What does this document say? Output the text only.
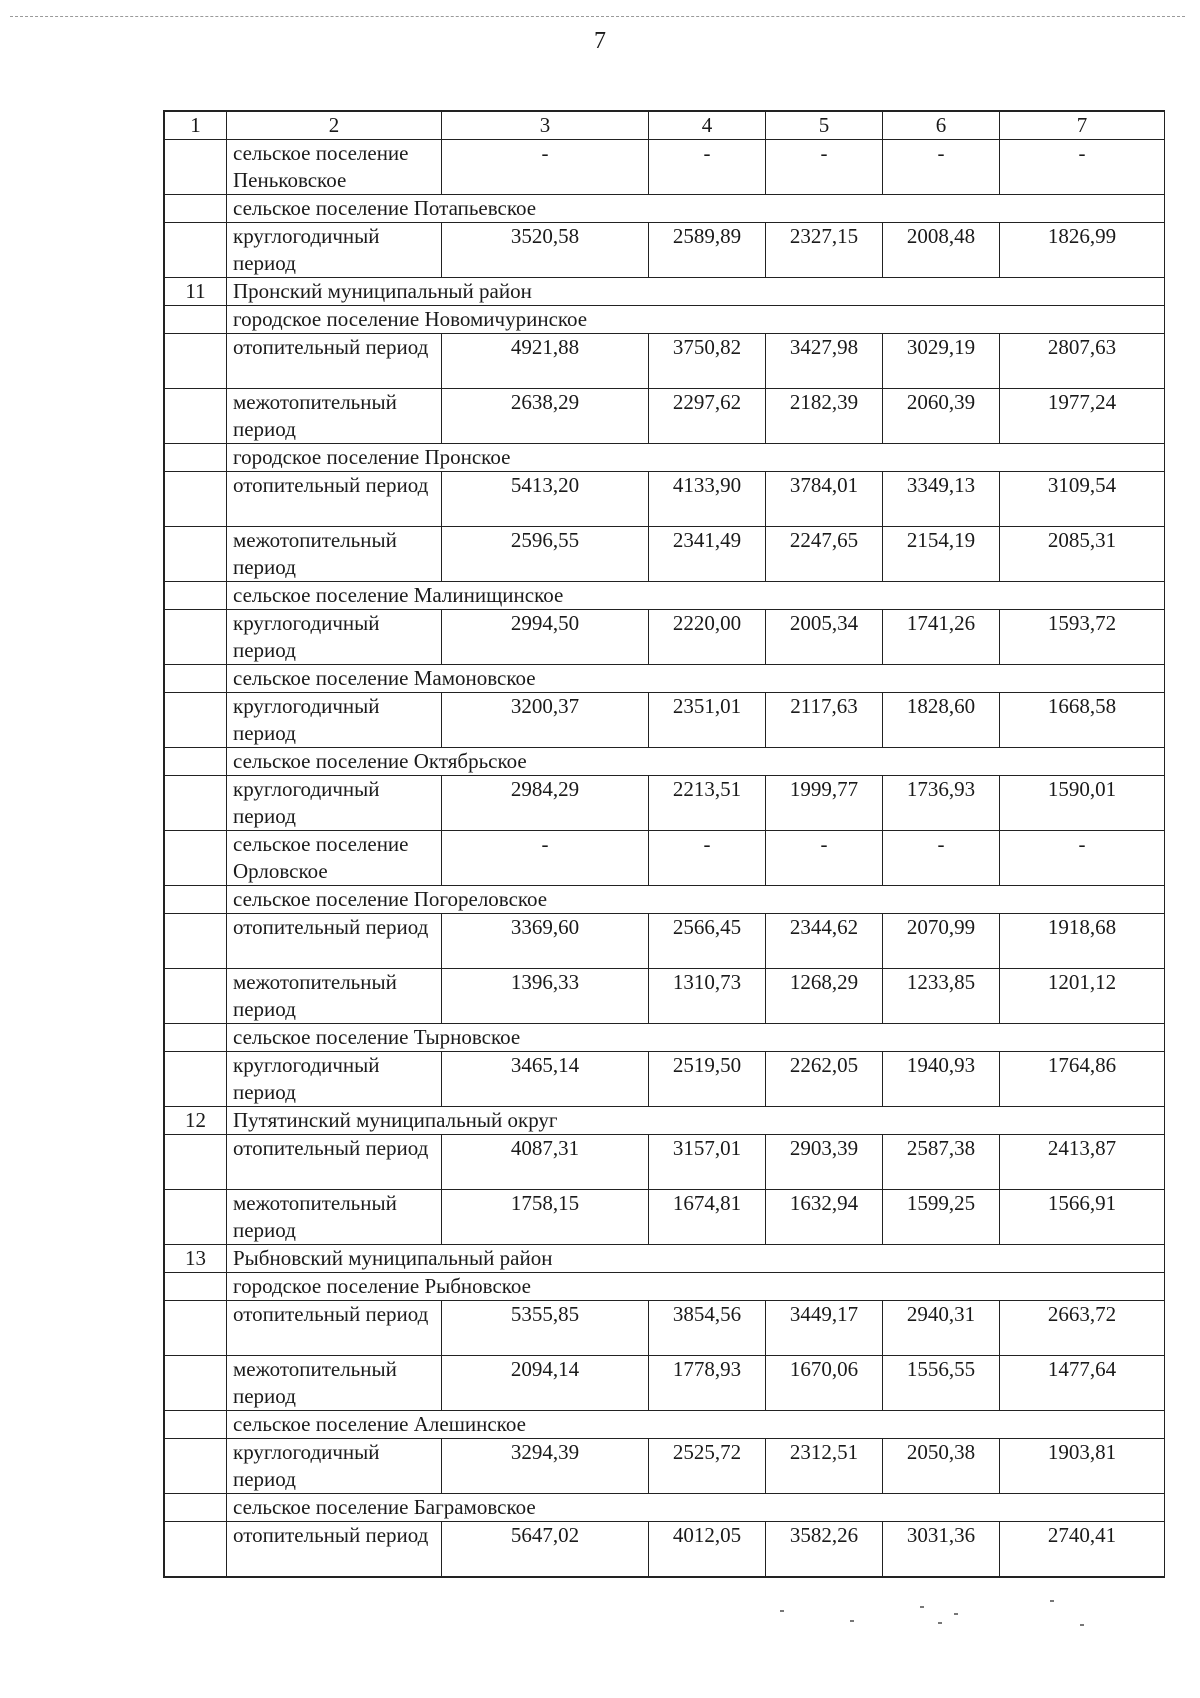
7
1	2	3	4	5	6	7
	сельское поселение Пеньковское	-	-	-	-	-
	сельское поселение Потапьевское					
	круглогодичный период	3520,58	2589,89	2327,15	2008,48	1826,99
11	Пронский муниципальный район					
	городское поселение Новомичуринское					
	отопительный период	4921,88	3750,82	3427,98	3029,19	2807,63
	межотопительный период	2638,29	2297,62	2182,39	2060,39	1977,24
	городское поселение Пронское					
	отопительный период	5413,20	4133,90	3784,01	3349,13	3109,54
	межотопительный период	2596,55	2341,49	2247,65	2154,19	2085,31
	сельское поселение Малинищинское					
	круглогодичный период	2994,50	2220,00	2005,34	1741,26	1593,72
	сельское поселение Мамоновское					
	круглогодичный период	3200,37	2351,01	2117,63	1828,60	1668,58
	сельское поселение Октябрьское					
	круглогодичный период	2984,29	2213,51	1999,77	1736,93	1590,01
	сельское поселение Орловское	-	-	-	-	-
	сельское поселение Погореловское					
	отопительный период	3369,60	2566,45	2344,62	2070,99	1918,68
	межотопительный период	1396,33	1310,73	1268,29	1233,85	1201,12
	сельское поселение Тырновское					
	круглогодичный период	3465,14	2519,50	2262,05	1940,93	1764,86
12	Путятинский муниципальный округ					
	отопительный период	4087,31	3157,01	2903,39	2587,38	2413,87
	межотопительный период	1758,15	1674,81	1632,94	1599,25	1566,91
13	Рыбновский муниципальный район					
	городское поселение Рыбновское					
	отопительный период	5355,85	3854,56	3449,17	2940,31	2663,72
	межотопительный период	2094,14	1778,93	1670,06	1556,55	1477,64
	сельское поселение Алешинское					
	круглогодичный период	3294,39	2525,72	2312,51	2050,38	1903,81
	сельское поселение Баграмовское					
	отопительный период	5647,02	4012,05	3582,26	3031,36	2740,41
